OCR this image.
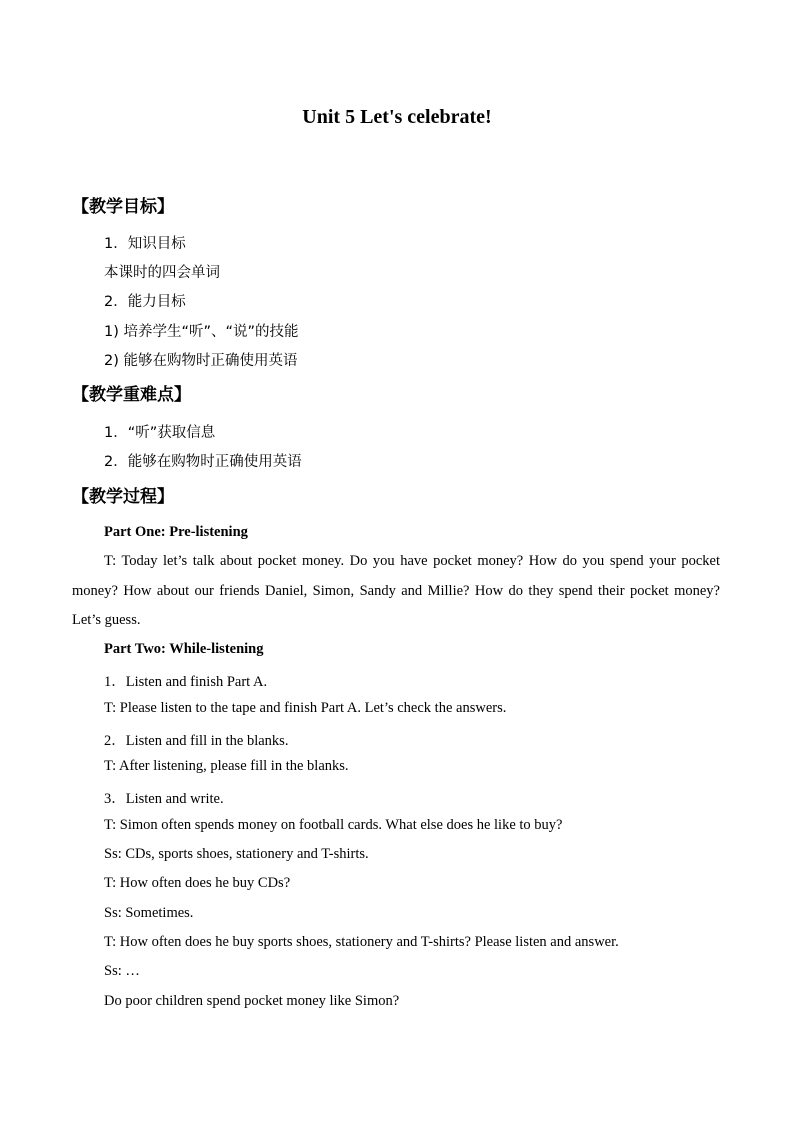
Unit 5 Let's celebrate!
【教学目标】
1．知识目标
本课时的四会单词
2．能力目标
1) 培养学生“听”、“说”的技能
2) 能够在购物时正确使用英语
【教学重难点】
1．“听”获取信息
2．能够在购物时正确使用英语
【教学过程】
Part One: Pre-listening
T: Today let’s talk about pocket money. Do you have pocket money? How do you spend your pocket money? How about our friends Daniel, Simon, Sandy and Millie? How do they spend their pocket money? Let’s guess.
Part Two: While-listening
1．Listen and finish Part A.
T: Please listen to the tape and finish Part A. Let’s check the answers.
2．Listen and fill in the blanks.
T: After listening, please fill in the blanks.
3．Listen and write.
T: Simon often spends money on football cards. What else does he like to buy?
Ss: CDs, sports shoes, stationery and T-shirts.
T: How often does he buy CDs?
Ss: Sometimes.
T: How often does he buy sports shoes, stationery and T-shirts? Please listen and answer.
Ss: …
Do poor children spend pocket money like Simon?
